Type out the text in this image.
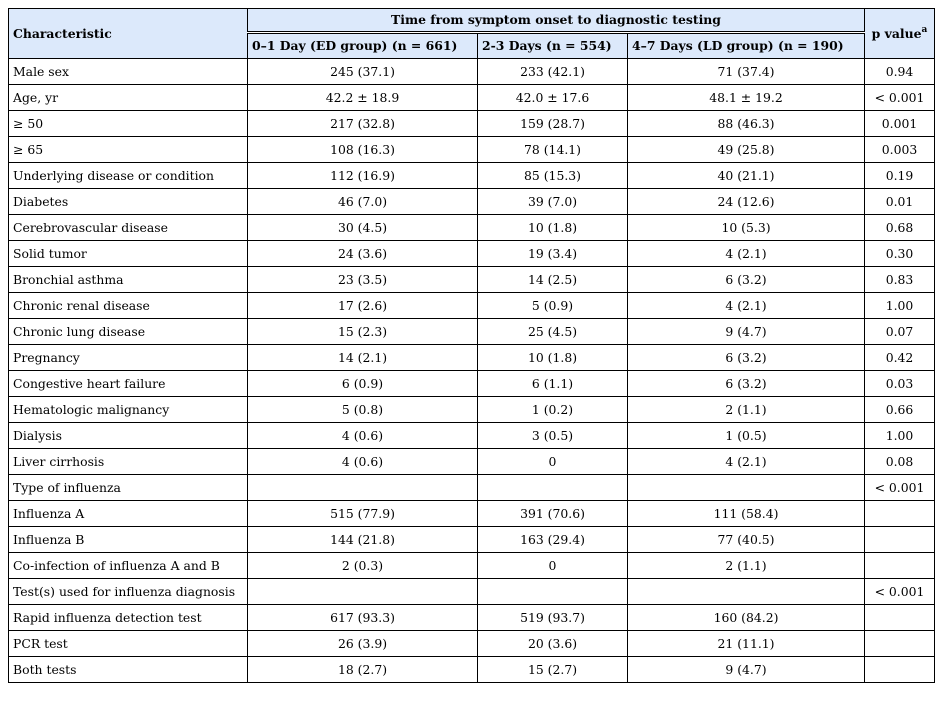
Characteristic	Time from symptom onset to diagnostic testing			p value$^a$
	0–1 Day (ED group) (n = 661)	2-3 Days (n = 554)	4–7 Days (LD group) (n = 190)	
Male sex	245 (37.1)	233 (42.1)	71 (37.4)	0.94
Age, yr	42.2 ± 18.9	42.0 ± 17.6	48.1 ± 19.2	< 0.001
≥ 50	217 (32.8)	159 (28.7)	88 (46.3)	0.001
≥ 65	108 (16.3)	78 (14.1)	49 (25.8)	0.003
Underlying disease or condition	112 (16.9)	85 (15.3)	40 (21.1)	0.19
Diabetes	46 (7.0)	39 (7.0)	24 (12.6)	0.01
Cerebrovascular disease	30 (4.5)	10 (1.8)	10 (5.3)	0.68
Solid tumor	24 (3.6)	19 (3.4)	4 (2.1)	0.30
Bronchial asthma	23 (3.5)	14 (2.5)	6 (3.2)	0.83
Chronic renal disease	17 (2.6)	5 (0.9)	4 (2.1)	1.00
Chronic lung disease	15 (2.3)	25 (4.5)	9 (4.7)	0.07
Pregnancy	14 (2.1)	10 (1.8)	6 (3.2)	0.42
Congestive heart failure	6 (0.9)	6 (1.1)	6 (3.2)	0.03
Hematologic malignancy	5 (0.8)	1 (0.2)	2 (1.1)	0.66
Dialysis	4 (0.6)	3 (0.5)	1 (0.5)	1.00
Liver cirrhosis	4 (0.6)	0	4 (2.1)	0.08
Type of influenza				< 0.001
Influenza A	515 (77.9)	391 (70.6)	111 (58.4)	
Influenza B	144 (21.8)	163 (29.4)	77 (40.5)	
Co-infection of influenza A and B	2 (0.3)	0	2 (1.1)	
Test(s) used for influenza diagnosis				< 0.001
Rapid influenza detection test	617 (93.3)	519 (93.7)	160 (84.2)	
PCR test	26 (3.9)	20 (3.6)	21 (11.1)	
Both tests	18 (2.7)	15 (2.7)	9 (4.7)	
